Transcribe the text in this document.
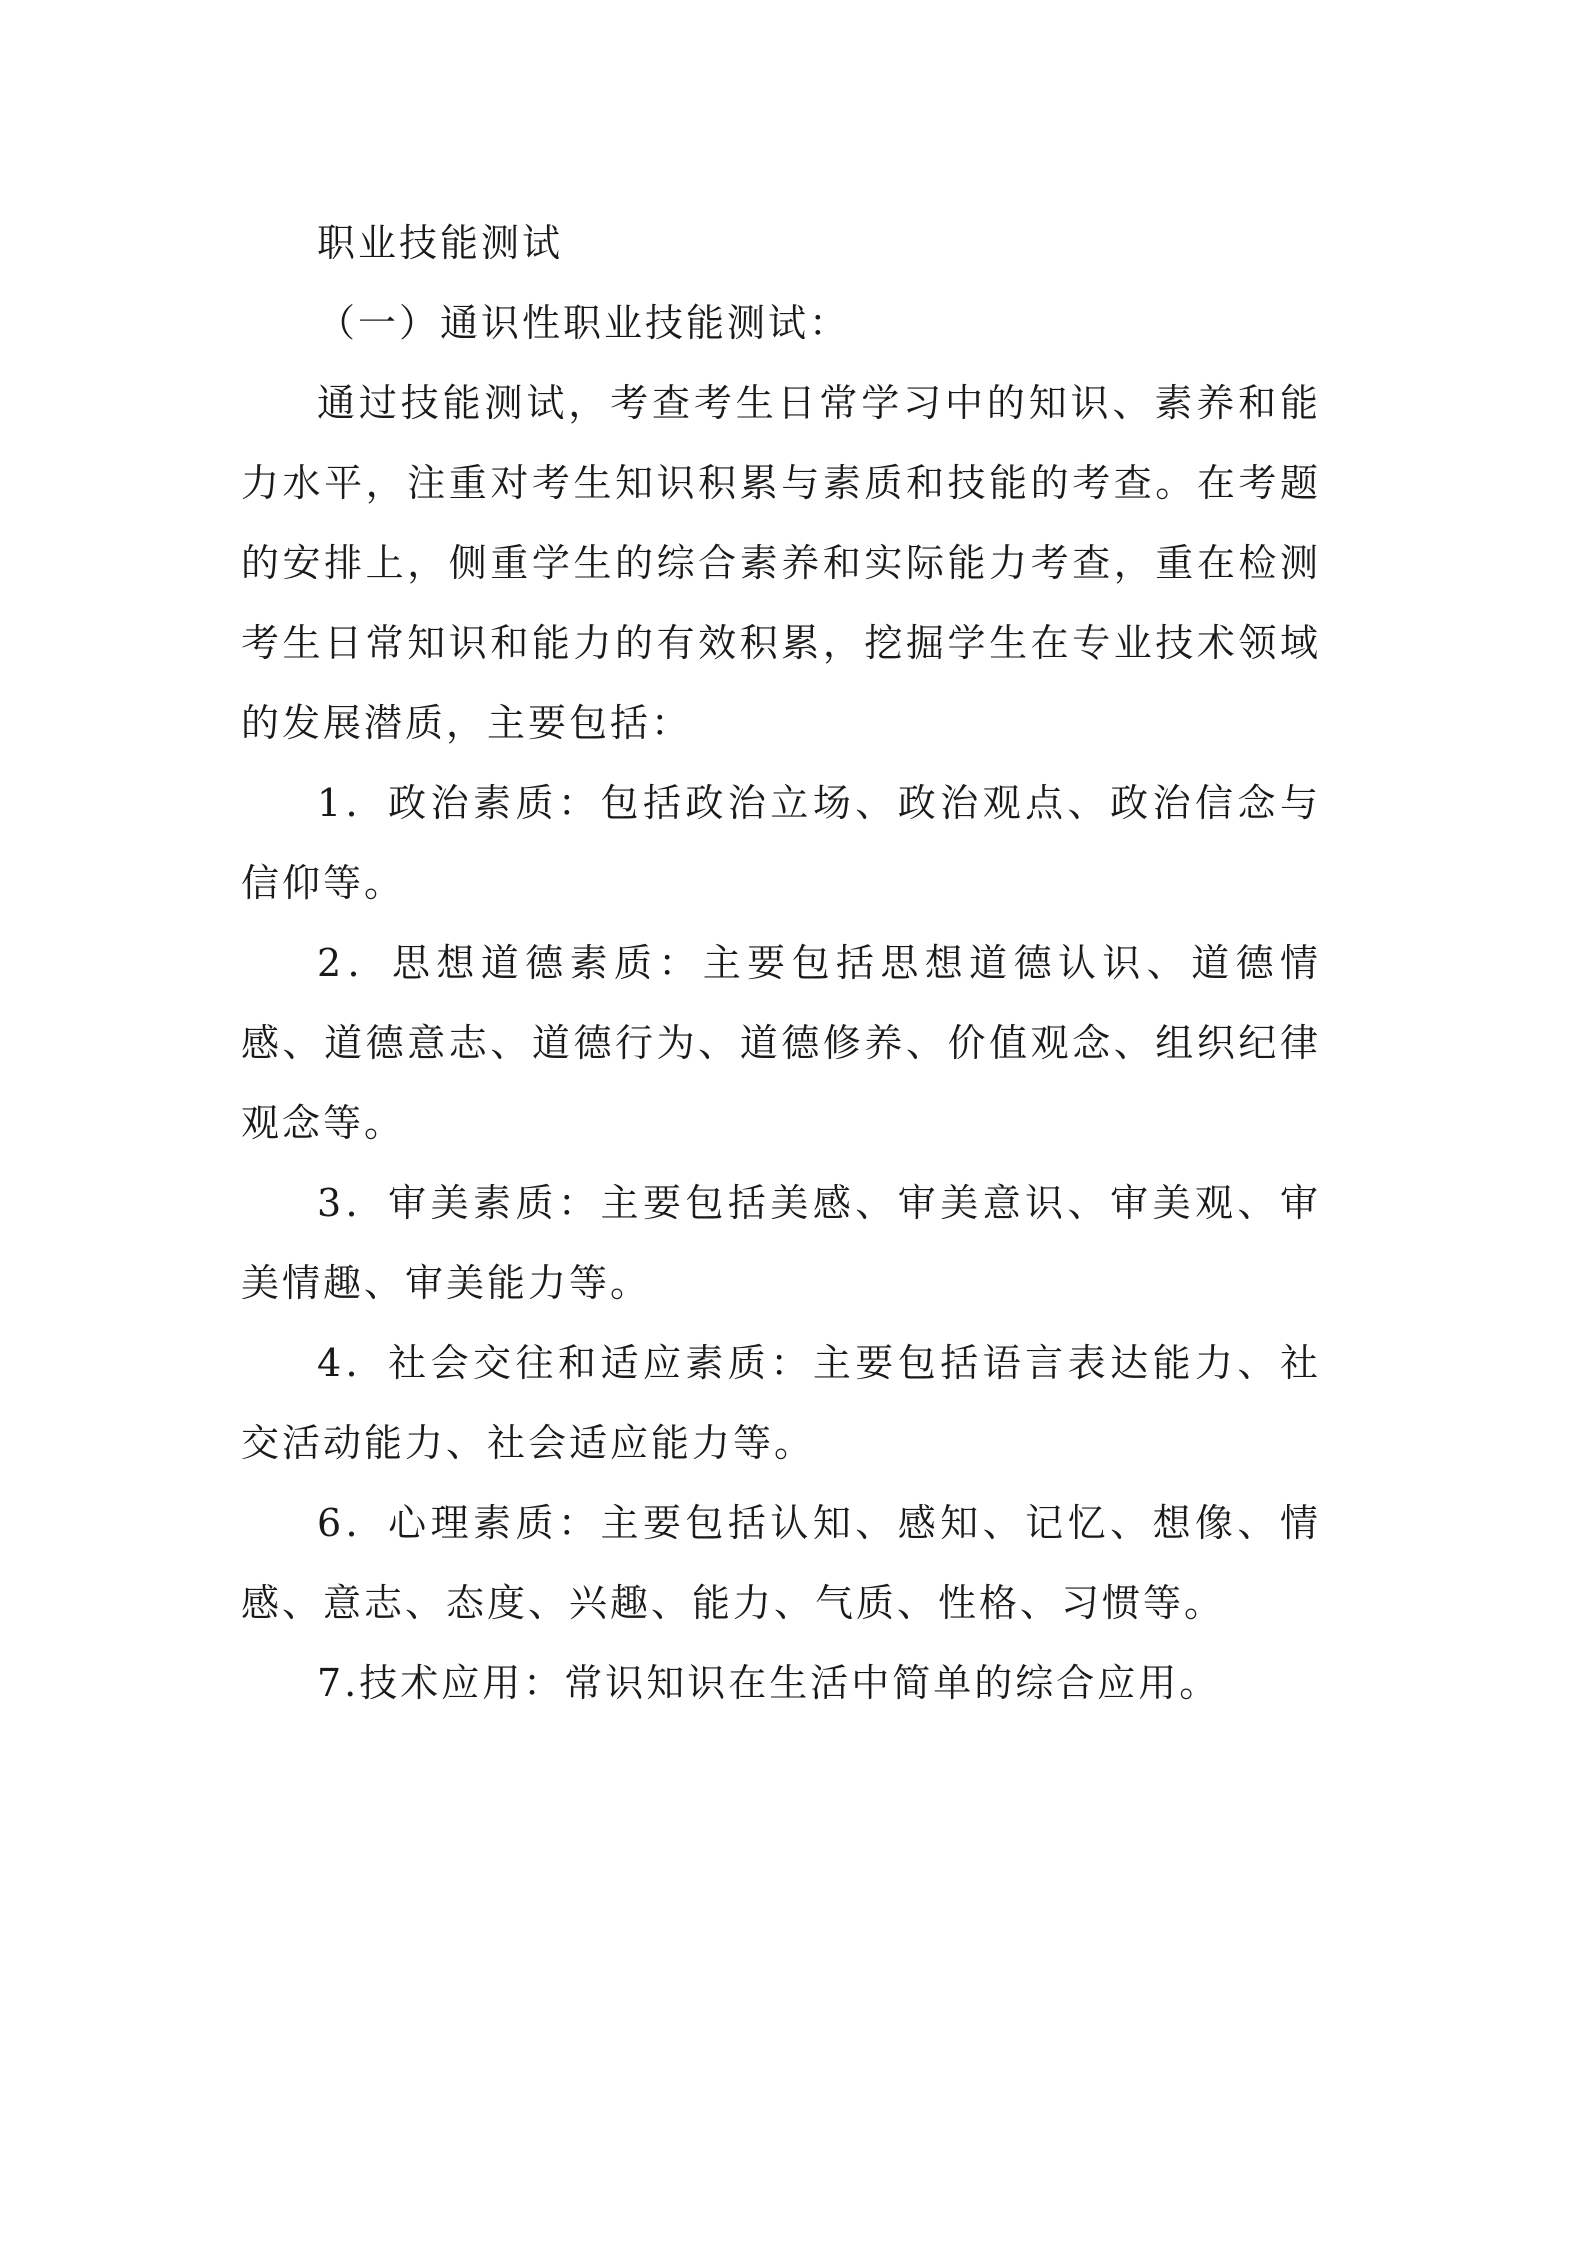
职业技能测试

（一）通识性职业技能测试：

通过技能测试，考查考生日常学习中的知识、素养和能力水平，注重对考生知识积累与素质和技能的考查。在考题的安排上，侧重学生的综合素养和实际能力考查，重在检测考生日常知识和能力的有效积累，挖掘学生在专业技术领域的发展潜质，主要包括：

1．政治素质：包括政治立场、政治观点、政治信念与信仰等。

2．思想道德素质：主要包括思想道德认识、道德情感、道德意志、道德行为、道德修养、价值观念、组织纪律观念等。

3．审美素质：主要包括美感、审美意识、审美观、审美情趣、审美能力等。

4．社会交往和适应素质：主要包括语言表达能力、社交活动能力、社会适应能力等。

6．心理素质：主要包括认知、感知、记忆、想像、情感、意志、态度、兴趣、能力、气质、性格、习惯等。

7.技术应用：常识知识在生活中简单的综合应用。
